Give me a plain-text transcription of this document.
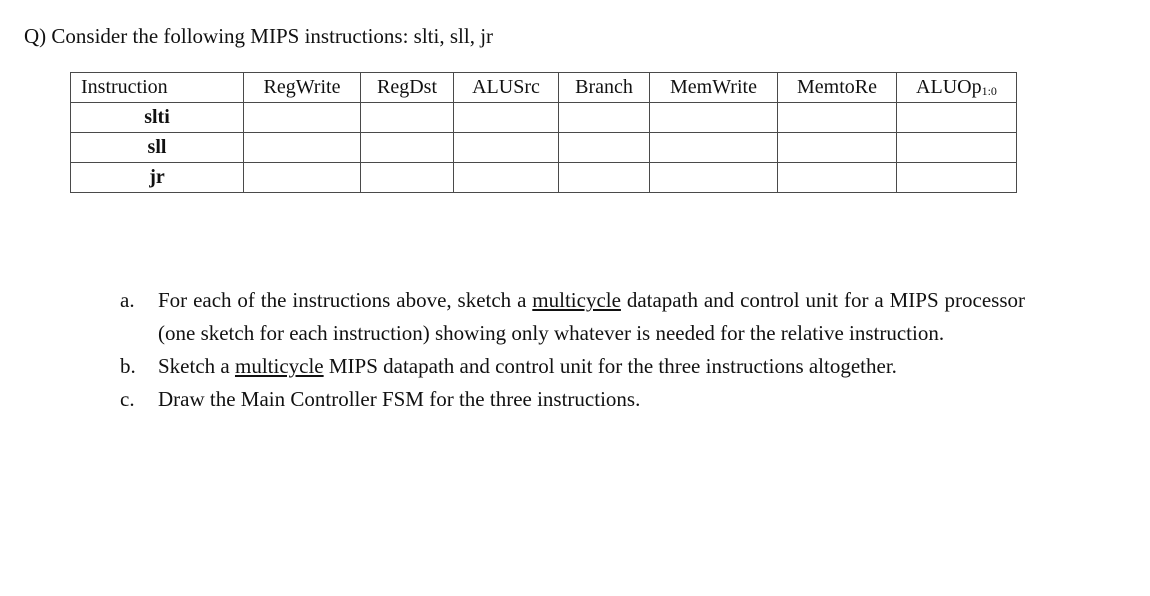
Q) Consider the following MIPS instructions: slti, sll, jr
Instruction	RegWrite	RegDst	ALUSrc	Branch	MemWrite	MemtoRe	ALUOp$_{1:0}$
slti							
sll							
jr							
a.	For each of the instructions above, sketch a multicycle datapath and control unit for a MIPS processor (one sketch for each instruction) showing only whatever is needed for the relative instruction.
b.	Sketch a multicycle MIPS datapath and control unit for the three instructions altogether.
c.	Draw the Main Controller FSM for the three instructions.
